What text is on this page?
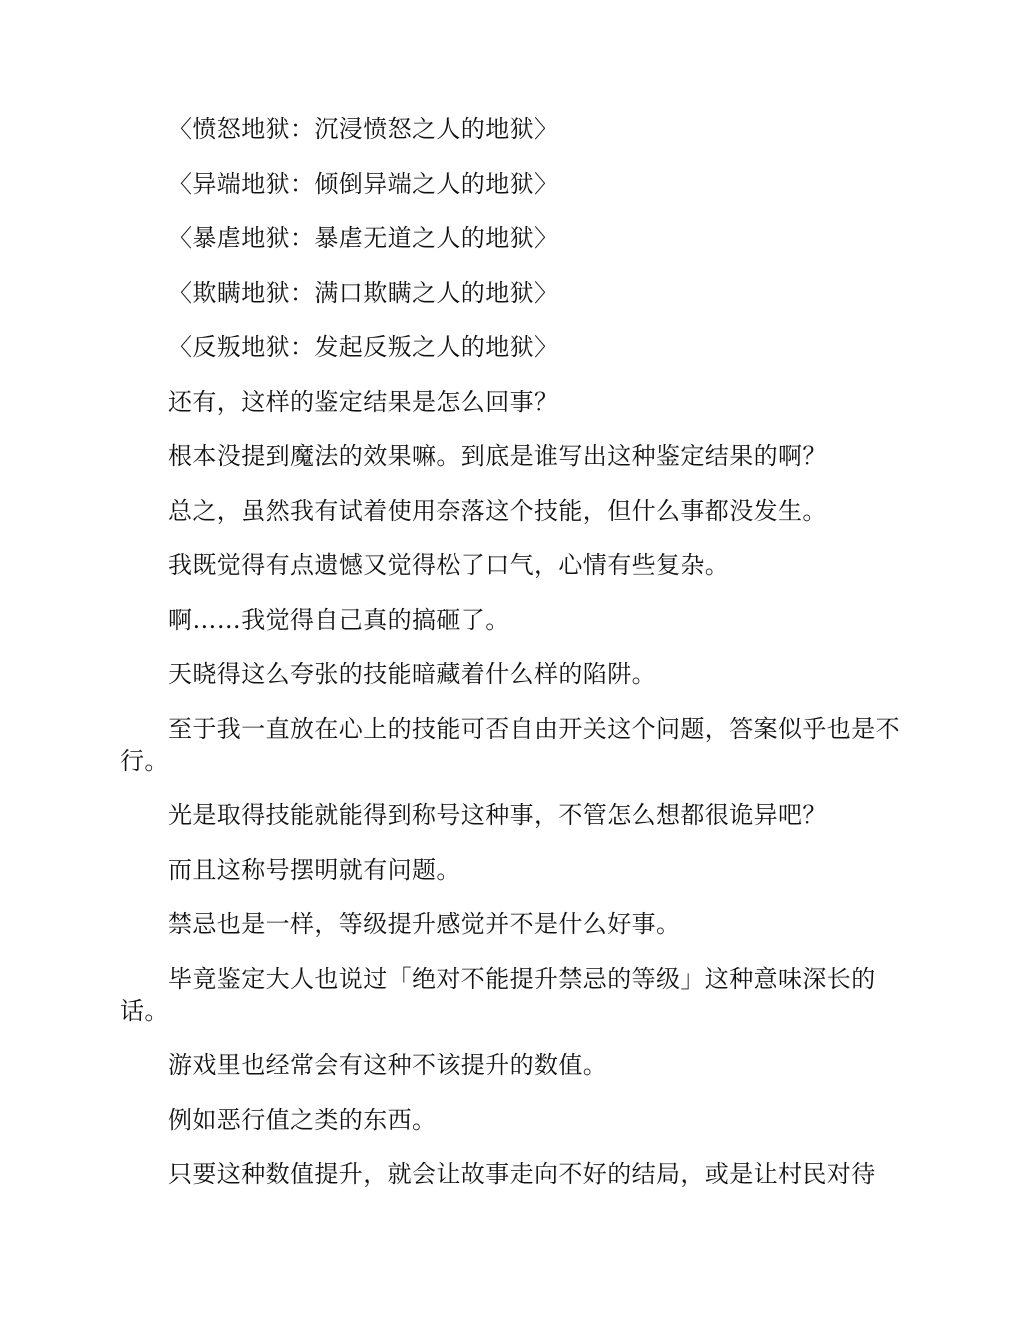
〈愤怒地狱：沉浸愤怒之人的地狱〉

〈异端地狱：倾倒异端之人的地狱〉

〈暴虐地狱：暴虐无道之人的地狱〉

〈欺瞒地狱：满口欺瞒之人的地狱〉

〈反叛地狱：发起反叛之人的地狱〉

还有，这样的鉴定结果是怎么回事？

根本没提到魔法的效果嘛。到底是谁写出这种鉴定结果的啊？

总之，虽然我有试着使用奈落这个技能，但什么事都没发生。

我既觉得有点遗憾又觉得松了口气，心情有些复杂。

啊……我觉得自己真的搞砸了。

天晓得这么夸张的技能暗藏着什么样的陷阱。

至于我一直放在心上的技能可否自由开关这个问题，答案似乎也是不行。

光是取得技能就能得到称号这种事，不管怎么想都很诡异吧？

而且这称号摆明就有问题。

禁忌也是一样，等级提升感觉并不是什么好事。

毕竟鉴定大人也说过「绝对不能提升禁忌的等级」这种意味深长的话。

游戏里也经常会有这种不该提升的数值。

例如恶行值之类的东西。

只要这种数值提升，就会让故事走向不好的结局，或是让村民对待
